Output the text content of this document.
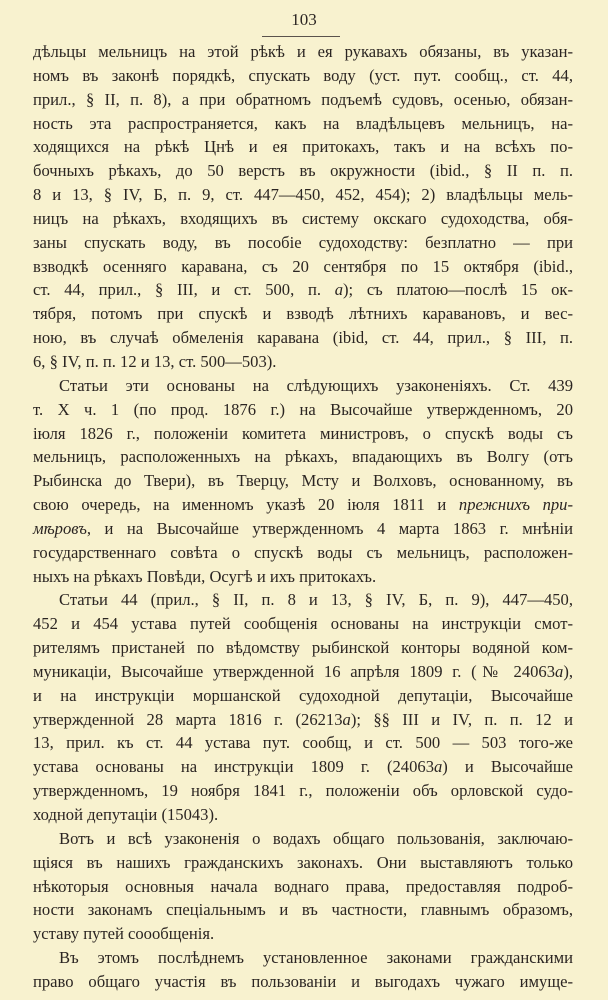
103
дѣльцы мельницъ на этой рѣкѣ и ея рукавахъ обязаны, въ указан-
номъ въ законѣ порядкѣ, спускать воду (уст. пут. сообщ., ст. 44,
прил., § II, п. 8), а при обратномъ подъемѣ судовъ, осенью, обязан-
ность эта распространяется, какъ на владѣльцевъ мельницъ, на-
ходящихся на рѣкѣ Цнѣ и ея притокахъ, такъ и на всѣхъ по-
бочныхъ рѣкахъ, до 50 верстъ въ окружности (ibid., § II п. п.
8 и 13, § IV, Б, п. 9, ст. 447—450, 452, 454); 2) владѣльцы мель-
ницъ на рѣкахъ, входящихъ въ систему окскаго судоходства, обя-
заны спускать воду, въ пособіе судоходству: безплатно — при
взводкѣ осенняго каравана, съ 20 сентября по 15 октября (ibid.,
ст. 44, прил., § III, и ст. 500, п. а); съ платою—послѣ 15 ок-
тября, потомъ при спускѣ и взводѣ лѣтнихъ каравановъ, и вес-
ною, въ случаѣ обмеленія каравана (ibid, ст. 44, прил., § III, п.
6, § IV, п. п. 12 и 13, ст. 500—503).
Статьи эти основаны на слѣдующихъ узаконеніяхъ. Ст. 439
т. X ч. 1 (по прод. 1876 г.) на Высочайше утвержденномъ, 20
іюля 1826 г., положеніи комитета министровъ, о спускѣ воды съ
мельницъ, расположенныхъ на рѣкахъ, впадающихъ въ Волгу (отъ
Рыбинска до Твери), въ Тверцу, Мсту и Волховъ, основанному, въ
свою очередь, на именномъ указѣ 20 іюля 1811 и прежнихъ при-
мѣровъ, и на Высочайше утвержденномъ 4 марта 1863 г. мнѣніи
государственнаго совѣта о спускѣ воды съ мельницъ, расположен-
ныхъ на рѣкахъ Повѣди, Осугѣ и ихъ притокахъ.
Статьи 44 (прил., § II, п. 8 и 13, § IV, Б, п. 9), 447—450,
452 и 454 устава путей сообщенія основаны на инструкціи смот-
рителямъ пристаней по вѣдомству рыбинской конторы водяной ком-
муникаціи, Высочайше утвержденной 16 апрѣля 1809 г. (№ 24063а),
и на инструкціи моршанской судоходной депутаціи, Высочайше
утвержденной 28 марта 1816 г. (26213а); §§ III и IV, п. п. 12 и
13, прил. къ ст. 44 устава пут. сообщ, и ст. 500 — 503 того-же
устава основаны на инструкціи 1809 г. (24063а) и Высочайше
утвержденномъ, 19 ноября 1841 г., положеніи объ орловской судо-
ходной депутаціи (15043).
Вотъ и всѣ узаконенія о водахъ общаго пользованія, заключаю-
щіяся въ нашихъ гражданскихъ законахъ. Они выставляютъ только
нѣкоторыя основныя начала воднаго права, предоставляя подроб-
ности законамъ спеціальнымъ и въ частности, главнымъ образомъ,
уставу путей соообщенія.
Въ этомъ послѣднемъ установленное законами гражданскими
право общаго участія въ пользованіи и выгодахъ чужаго имуще-
